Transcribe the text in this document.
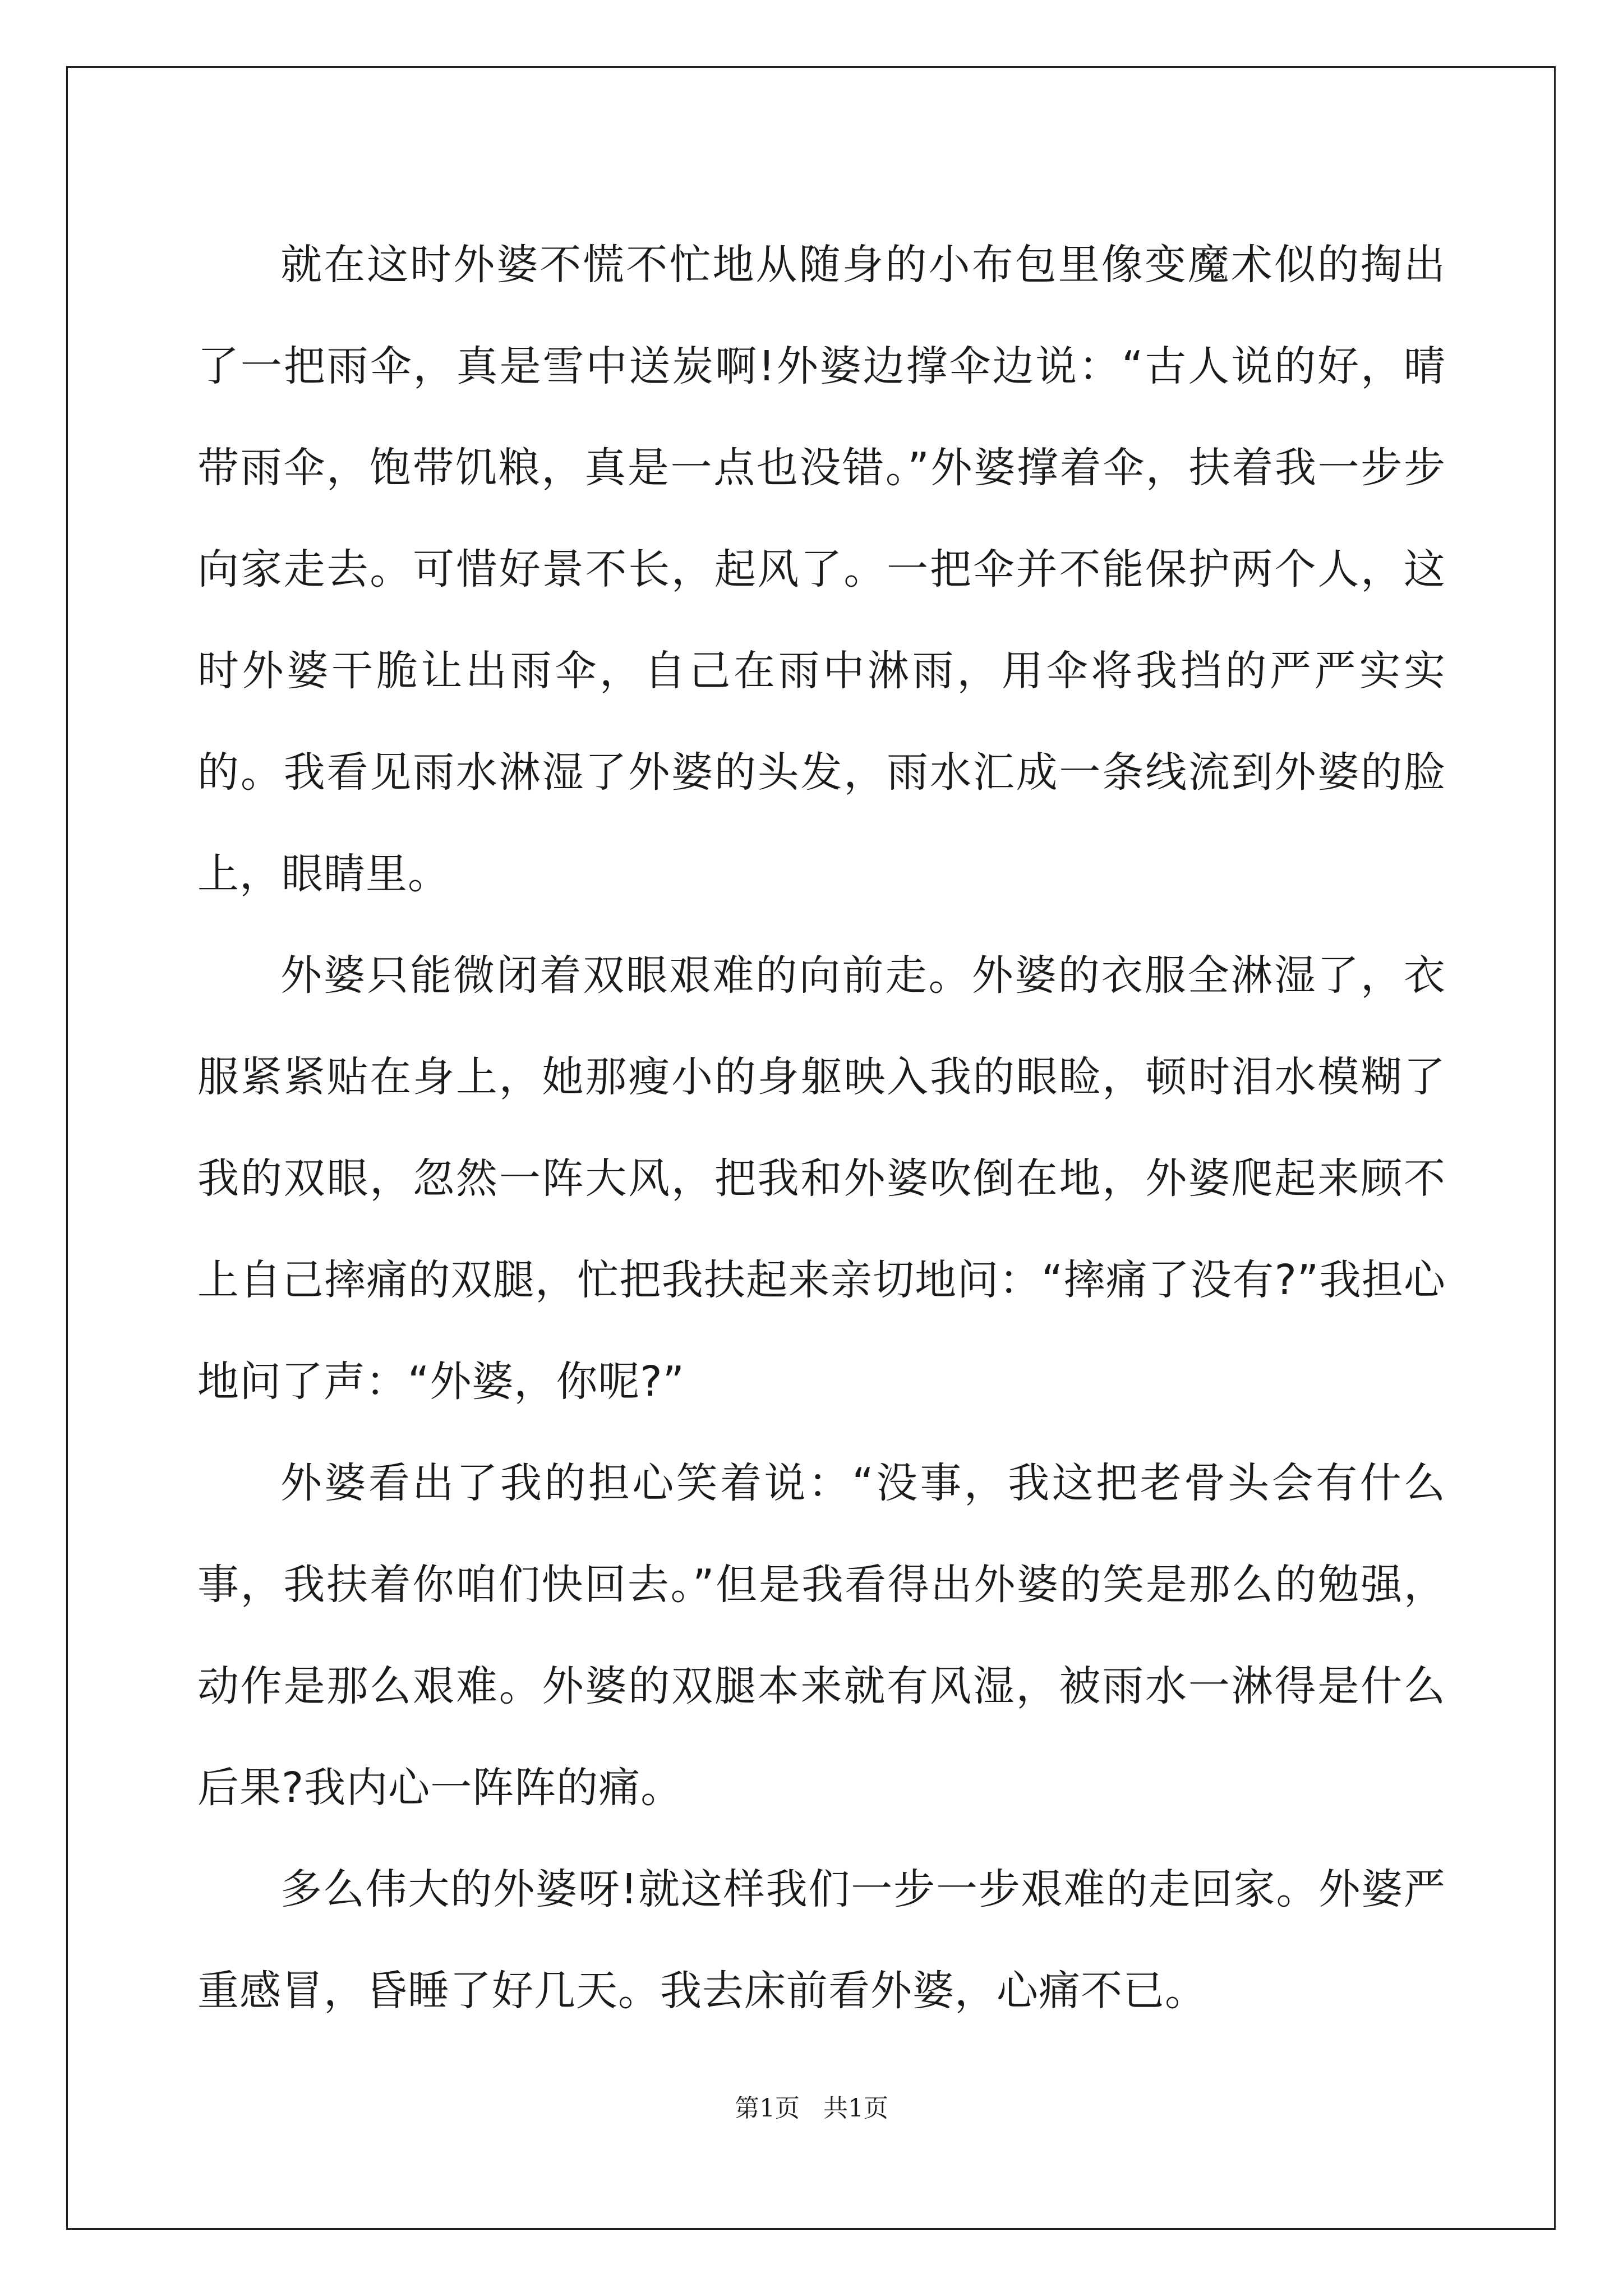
就在这时外婆不慌不忙地从随身的小布包里像变魔术似的掏出了一把雨伞，真是雪中送炭啊!外婆边撑伞边说：“古人说的好，晴带雨伞，饱带饥粮，真是一点也没错。”外婆撑着伞，扶着我一步步向家走去。可惜好景不长，起风了。一把伞并不能保护两个人，这时外婆干脆让出雨伞，自己在雨中淋雨，用伞将我挡的严严实实的。我看见雨水淋湿了外婆的头发，雨水汇成一条线流到外婆的脸上，眼睛里。

外婆只能微闭着双眼艰难的向前走。外婆的衣服全淋湿了，衣服紧紧贴在身上，她那瘦小的身躯映入我的眼睑，顿时泪水模糊了我的双眼，忽然一阵大风，把我和外婆吹倒在地，外婆爬起来顾不上自己摔痛的双腿，忙把我扶起来亲切地问：“摔痛了没有?”我担心地问了声：“外婆，你呢?”

外婆看出了我的担心笑着说：“没事，我这把老骨头会有什么事，我扶着你咱们快回去。”但是我看得出外婆的笑是那么的勉强，动作是那么艰难。外婆的双腿本来就有风湿，被雨水一淋得是什么后果?我内心一阵阵的痛。

多么伟大的外婆呀!就这样我们一步一步艰难的走回家。外婆严重感冒，昏睡了好几天。我去床前看外婆，心痛不已。

第1页   共1页
